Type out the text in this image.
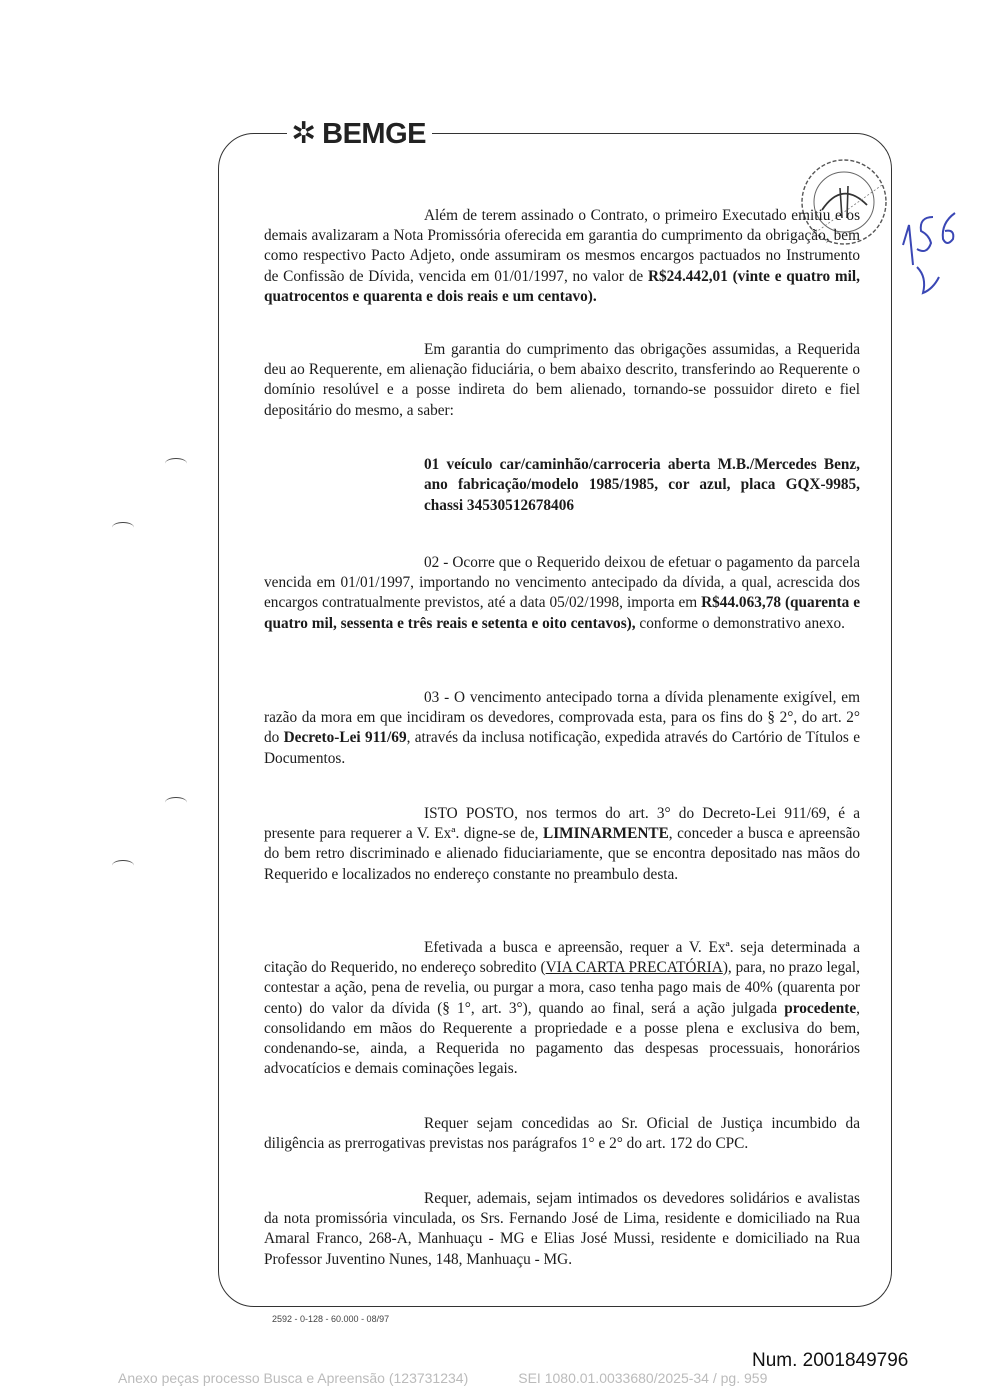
✲ BEMGE

Além de terem assinado o Contrato, o primeiro Executado emitiu e os demais avalizaram a Nota Promissória oferecida em garantia do cumprimento da obrigação, bem como respectivo Pacto Adjeto, onde assumiram os mesmos encargos pactuados no Instrumento de Confissão de Dívida, vencida em 01/01/1997, no valor de R$24.442,01 (vinte e quatro mil, quatrocentos e quarenta e dois reais e um centavo).

Em garantia do cumprimento das obrigações assumidas, a Requerida deu ao Requerente, em alienação fiduciária, o bem abaixo descrito, transferindo ao Requerente o domínio resolúvel e a posse indireta do bem alienado, tornando-se possuidor direto e fiel depositário do mesmo, a saber:

01 veículo car/caminhão/carroceria aberta M.B./Mercedes Benz, ano fabricação/modelo 1985/1985, cor azul, placa GQX-9985, chassi 34530512678406

02 - Ocorre que o Requerido deixou de efetuar o pagamento da parcela vencida em 01/01/1997, importando no vencimento antecipado da dívida, a qual, acrescida dos encargos contratualmente previstos, até a data 05/02/1998, importa em R$44.063,78 (quarenta e quatro mil, sessenta e três reais e setenta e oito centavos), conforme o demonstrativo anexo.

03 - O vencimento antecipado torna a dívida plenamente exigível, em razão da mora em que incidiram os devedores, comprovada esta, para os fins do § 2°, do art. 2° do Decreto-Lei 911/69, através da inclusa notificação, expedida através do Cartório de Títulos e Documentos.

ISTO POSTO, nos termos do art. 3° do Decreto-Lei 911/69, é a presente para requerer a V. Exª. digne-se de, LIMINARMENTE, conceder a busca e apreensão do bem retro discriminado e alienado fiduciariamente, que se encontra depositado nas mãos do Requerido e localizados no endereço constante no preambulo desta.

Efetivada a busca e apreensão, requer a V. Exª. seja determinada a citação do Requerido, no endereço sobredito (VIA CARTA PRECATÓRIA), para, no prazo legal, contestar a ação, pena de revelia, ou purgar a mora, caso tenha pago mais de 40% (quarenta por cento) do valor da dívida (§ 1°, art. 3°), quando ao final, será a ação julgada procedente, consolidando em mãos do Requerente a propriedade e a posse plena e exclusiva do bem, condenando-se, ainda, a Requerida no pagamento das despesas processuais, honorários advocatícios e demais cominações legais.

Requer sejam concedidas ao Sr. Oficial de Justiça incumbido da diligência as prerrogativas previstas nos parágrafos 1° e 2° do art. 172 do CPC.

Requer, ademais, sejam intimados os devedores solidários e avalistas da nota promissória vinculada, os Srs. Fernando José de Lima, residente e domiciliado na Rua Amaral Franco, 268-A, Manhuaçu - MG e Elias José Mussi, residente e domiciliado na Rua Professor Juventino Nunes, 148, Manhuaçu - MG.

2592 - 0-128 - 60.000 - 08/97
Num. 2001849796
Anexo peças processo Busca e Apreensão (123731234)	SEI 1080.01.0033680/2025-34 / pg. 959
